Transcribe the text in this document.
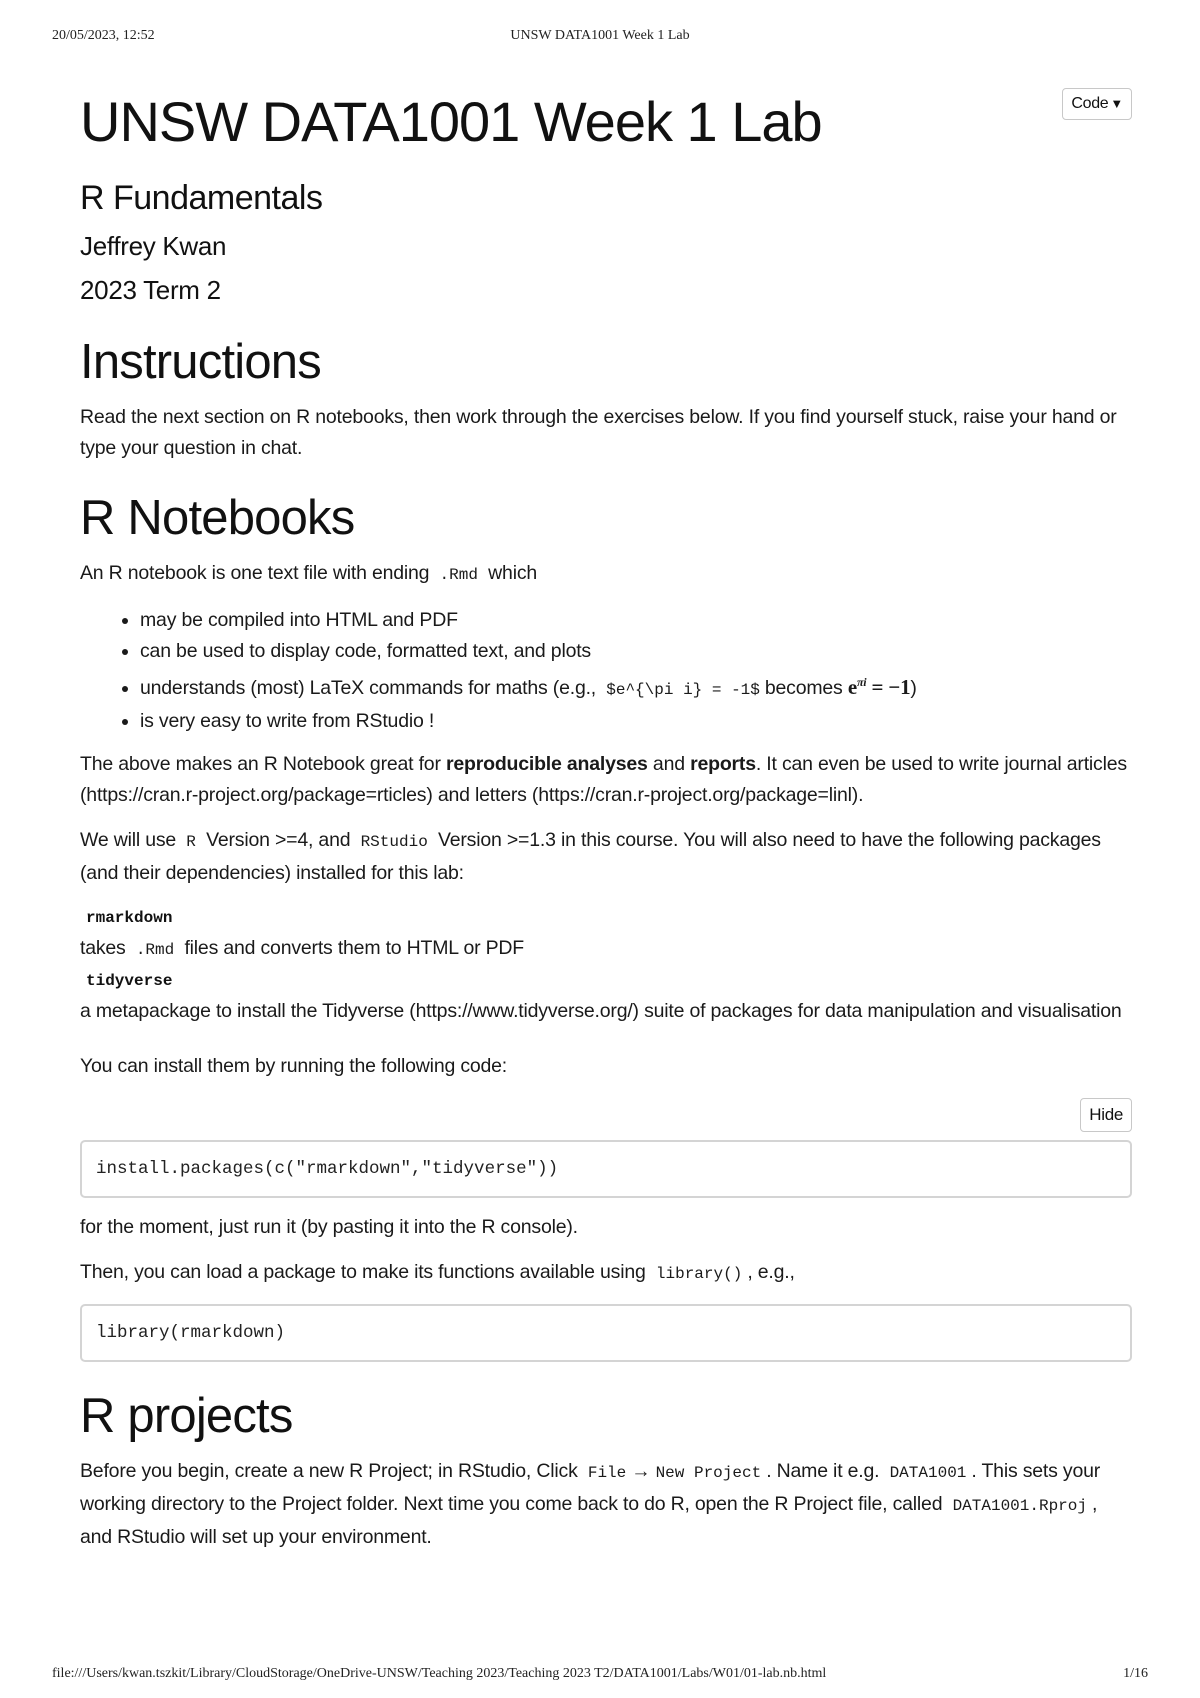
20/05/2023, 12:52	UNSW DATA1001 Week 1 Lab
Code ▼
UNSW DATA1001 Week 1 Lab
R Fundamentals
Jeffrey Kwan
2023 Term 2
Instructions

Read the next section on R notebooks, then work through the exercises below. If you find yourself stuck, raise your hand or type your question in chat.

R Notebooks

An R notebook is one text file with ending .Rmd which

• may be compiled into HTML and PDF
• can be used to display code, formatted text, and plots
• understands (most) LaTeX commands for maths (e.g., $e^{\pi i} = -1$ becomes $e^{\pi i} = -1$)
• is very easy to write from RStudio !

The above makes an R Notebook great for reproducible analyses and reports. It can even be used to write journal articles (https://cran.r-project.org/package=rticles) and letters (https://cran.r-project.org/package=linl).

We will use R Version >=4, and RStudio Version >=1.3 in this course. You will also need to have the following packages (and their dependencies) installed for this lab:

rmarkdown
takes .Rmd files and converts them to HTML or PDF
tidyverse
a metapackage to install the Tidyverse (https://www.tidyverse.org/) suite of packages for data manipulation and visualisation

You can install them by running the following code:

Hide
install.packages(c("rmarkdown","tidyverse"))

for the moment, just run it (by pasting it into the R console).

Then, you can load a package to make its functions available using library() , e.g.,

library(rmarkdown)
R projects

Before you begin, create a new R Project; in RStudio, Click File → New Project . Name it e.g. DATA1001 . This sets your working directory to the Project folder. Next time you come back to do R, open the R Project file, called DATA1001.Rproj , and RStudio will set up your environment.

file:///Users/kwan.tszkit/Library/CloudStorage/OneDrive-UNSW/Teaching 2023/Teaching 2023 T2/DATA1001/Labs/W01/01-lab.nb.html	1/16
